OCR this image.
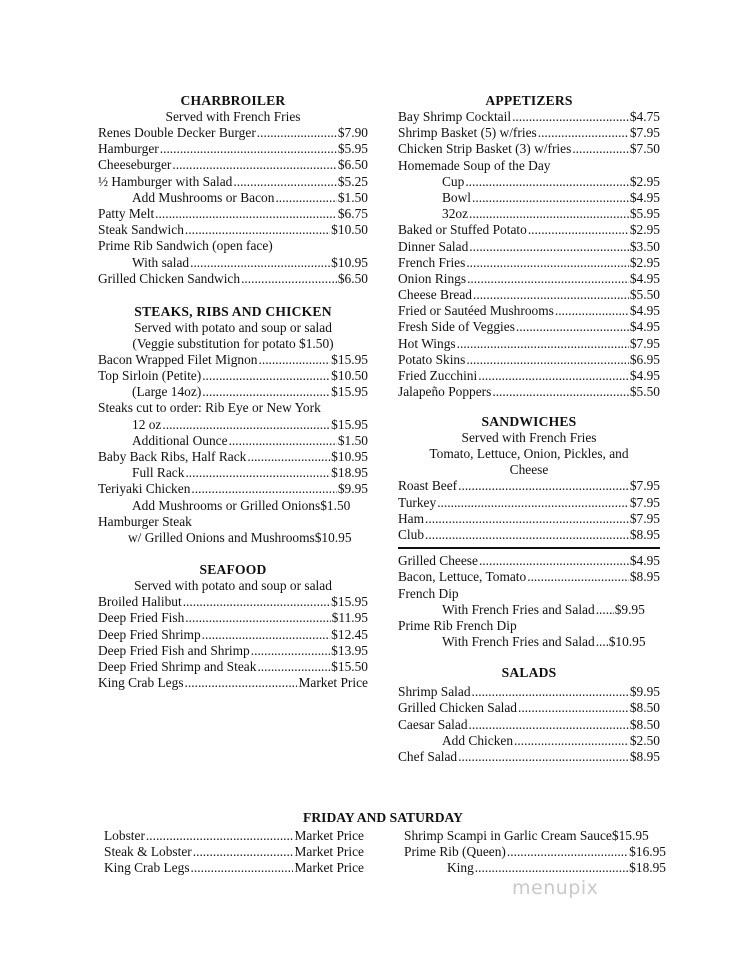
CHARBROILER
Served with French Fries
Renes Double Decker Burger .....	$7.90
Hamburger .....	$5.95
Cheeseburger .....	$6.50
½ Hamburger with Salad .....	$5.25
Add Mushrooms or Bacon .....	$1.50
Patty Melt .....	$6.75
Steak Sandwich .....	$10.50
Prime Rib Sandwich (open face)
With salad .....	$10.95
Grilled Chicken Sandwich .....	$6.50
STEAKS, RIBS AND CHICKEN
Served with potato and soup or salad
(Veggie substitution for potato $1.50)
Bacon Wrapped Filet Mignon .....	$15.95
Top Sirloin (Petite) .....	$10.50
(Large 14oz) .....	$15.95
Steaks cut to order: Rib Eye or New York
12 oz .....	$15.95
Additional Ounce .....	$1.50
Baby Back Ribs, Half Rack .....	$10.95
Full Rack .....	$18.95
Teriyaki Chicken .....	$9.95
Add Mushrooms or Grilled Onions $1.50
Hamburger Steak
w/ Grilled Onions and Mushrooms $10.95
SEAFOOD
Served with potato and soup or salad
Broiled Halibut .....	$15.95
Deep Fried Fish .....	$11.95
Deep Fried Shrimp .....	$12.45
Deep Fried Fish and Shrimp .....	$13.95
Deep Fried Shrimp and Steak .....	$15.50
King Crab Legs .....	Market Price
APPETIZERS
Bay Shrimp Cocktail .....	$4.75
Shrimp Basket (5) w/fries .....	$7.95
Chicken Strip Basket (3) w/fries .....	$7.50
Homemade Soup of the Day
Cup .....	$2.95
Bowl .....	$4.95
32oz .....	$5.95
Baked or Stuffed Potato .....	$2.95
Dinner Salad .....	$3.50
French Fries .....	$2.95
Onion Rings .....	$4.95
Cheese Bread .....	$5.50
Fried or Sautéed Mushrooms .....	$4.95
Fresh Side of Veggies .....	$4.95
Hot Wings .....	$7.95
Potato Skins .....	$6.95
Fried Zucchini .....	$4.95
Jalapeño Poppers .....	$5.50
SANDWICHES
Served with French Fries
Tomato, Lettuce, Onion, Pickles, and
Cheese
Roast Beef .....	$7.95
Turkey .....	$7.95
Ham .....	$7.95
Club .....	$8.95
Grilled Cheese .....	$4.95
Bacon, Lettuce, Tomato .....	$8.95
French Dip
With French Fries and Salad ..... $9.95
Prime Rib French Dip
With French Fries and Salad ..... $10.95
SALADS
Shrimp Salad .....	$9.95
Grilled Chicken Salad .....	$8.50
Caesar Salad .....	$8.50
Add Chicken .....	$2.50
Chef Salad .....	$8.95
FRIDAY AND SATURDAY
Lobster .....	Market Price
Steak & Lobster .....	Market Price
King Crab Legs .....	Market Price
Shrimp Scampi in Garlic Cream Sauce $15.95
Prime Rib (Queen) .....	$16.95
King .....	$18.95
menupix
